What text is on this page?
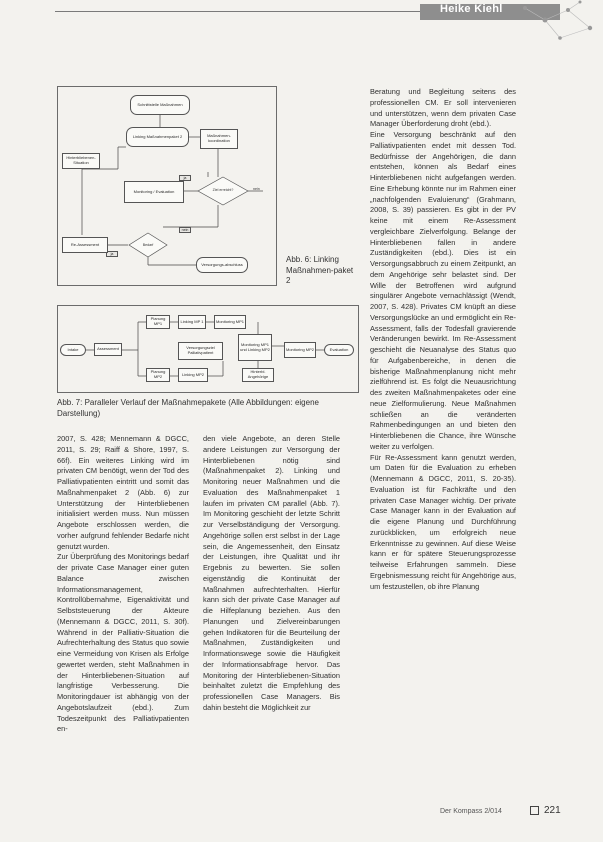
Heike Kiehl
Schnittstelle Maßnahmen
Linking Maßnahmenpaket 2	Maßnahmen-koordination
Hinterbliebenen-Situation
Monitoring / Evaluation	Ziel erreicht?
ja
nein
Bedarf
nein
ja
Re-Assessment
Versorgungs-abschluss
Abb. 6: Linking Maßnahmen-paket 2
Intake	Assessment
Planung MP1	Linking MP 1	Monitoring MP1
Versorgungsziel Palliativpatient
Monitoring MP1 und Linking MP2	Monitoring MP2	Evaluation
Planung MP2	Linking MP2	Hinterbl. Angehörige
Abb. 7: Paralleler Verlauf der Maßnahmepakete (Alle Abbildungen: eigene Darstellung)

2007, S. 428; Mennemann & DGCC, 2011, S. 29; Raiff & Shore, 1997, S. 66f). Ein weiteres Linking wird im privaten CM benötigt, wenn der Tod des Palliativpatienten eintritt und somit das Maßnahmenpaket 2 (Abb. 6) zur Unterstützung der Hinterbliebenen initialisiert werden muss. Nun müssen Angebote erschlossen werden, die vorher aufgrund fehlender Bedarfe nicht genutzt wurden.

Zur Überprüfung des Monitorings bedarf der private Case Manager einer guten Balance zwischen Informationsmanagement, Kontrollübernahme, Eigenaktivität und Selbststeuerung der Akteure (Mennemann & DGCC, 2011, S. 30f). Während in der Palliativ-Situation die Aufrechterhaltung des Status quo sowie eine Vermeidung von Krisen als Erfolge gewertet werden, steht Maßnahmen in der Hinterbliebenen-Situation auf langfristige Verbesserung. Die Monitoringdauer ist abhängig von der Angebotslaufzeit (ebd.). Zum Todeszeitpunkt des Palliativpatienten en-

den viele Angebote, an deren Stelle andere Leistungen zur Versorgung der Hinterbliebenen nötig sind (Maßnahmenpaket 2). Linking und Monitoring neuer Maßnahmen und die Evaluation des Maßnahmenpaket 1 laufen im privaten CM parallel (Abb. 7). Im Monitoring geschieht der letzte Schritt zur Verselbständigung der Versorgung. Angehörige sollen erst selbst in der Lage sein, die Angemessenheit, den Einsatz der Leistungen, ihre Qualität und ihr Ergebnis zu bewerten. Sie sollen eigenständig die Kontinuität der Maßnahmen aufrechterhalten. Hierfür kann sich der private Case Manager auf die Hilfeplanung beziehen. Aus den Planungen und Zielvereinbarungen gehen Indikatoren für die Beurteilung der Maßnahmen, Zuständigkeiten und Informationswege sowie die Häufigkeit der Informationsabfrage hervor. Das Monitoring der Hinterbliebenen-Situation beinhaltet zuletzt die Empfehlung des professionellen Case Managers. Bis dahin besteht die Möglichkeit zur

Beratung und Begleitung seitens des professionellen CM. Er soll intervenieren und unterstützen, wenn dem privaten Case Manager Überforderung droht (ebd.).

Eine Versorgung beschränkt auf den Palliativpatienten endet mit dessen Tod. Bedürfnisse der Angehörigen, die dann entstehen, können als Bedarf eines Hinterbliebenen nicht aufgefangen werden. Eine Erhebung könnte nur im Rahmen einer „nachfolgenden Evaluierung“ (Grahmann, 2008, S. 39) passieren. Es gibt in der PV keine mit einem Re-Assessment vergleichbare Zielverfolgung. Belange der Hinterbliebenen fallen in andere Zuständigkeiten (ebd.). Dies ist ein Versorgungsabbruch zu einem Zeitpunkt, an dem Angehörige sehr belastet sind. Der Wille der Betroffenen wird aufgrund singulärer Angebote vernachlässigt (Wendt, 2007, S. 428). Privates CM knüpft an diese Versorgungslücke an und ermöglicht ein Re-Assessment, falls der Todesfall gravierende Veränderungen bewirkt. Im Re-Assessment geschieht die Neuanalyse des Status quo für Aufgabenbereiche, in denen die bisherige Maßnahmenplanung nicht mehr zielführend ist. Es folgt die Neuausrichtung des zweiten Maßnahmenpaketes oder eine neue Zielformulierung. Neue Maßnahmen schließen an die veränderten Rahmenbedingungen an und bieten den Hinterbliebenen die Chance, ihre Wünsche weiter zu verfolgen.

Für Re-Assessment kann genutzt werden, um Daten für die Evaluation zu erheben (Mennemann & DGCC, 2011, S. 20-35). Evaluation ist für Fachkräfte und den privaten Case Manager wichtig. Der private Case Manager kann in der Evaluation auf die eigene Planung und Durchführung zurückblicken, um erfolgreich neue Erkenntnisse zu gewinnen. Auf diese Weise kann er für spätere Steuerungsprozesse teilweise Erfahrungen sammeln. Diese Ergebnismessung reicht für Angehörige aus, um festzustellen, ob ihre Planung

Der Kompass 2/014	221
